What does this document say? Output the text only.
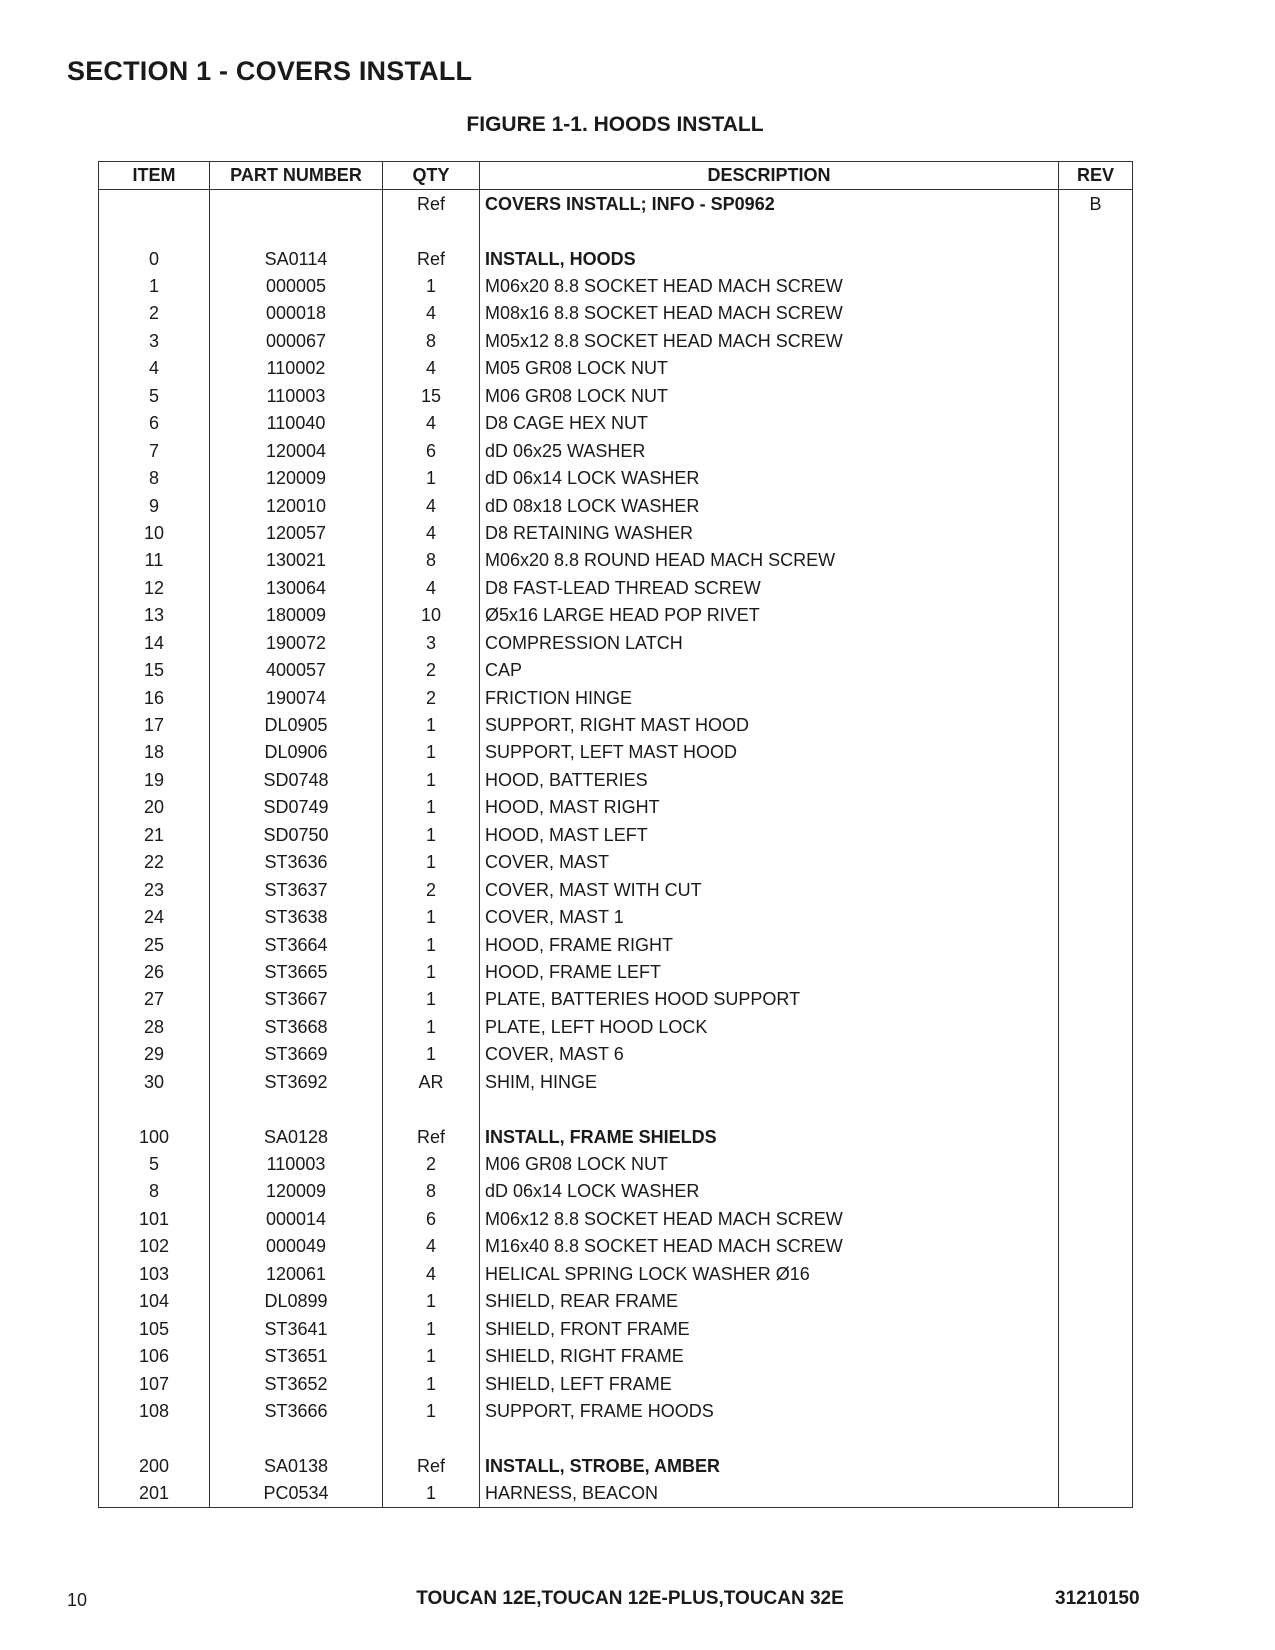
SECTION 1 - COVERS INSTALL
FIGURE 1-1. HOODS INSTALL
ITEM	PART NUMBER	QTY	DESCRIPTION	REV
		Ref	COVERS INSTALL; INFO - SP0962	B

0	SA0114	Ref	INSTALL, HOODS	
1	000005	1	M06x20 8.8 SOCKET HEAD MACH SCREW	
2	000018	4	M08x16 8.8 SOCKET HEAD MACH SCREW	
3	000067	8	M05x12 8.8 SOCKET HEAD MACH SCREW	
4	110002	4	M05 GR08 LOCK NUT	
5	110003	15	M06 GR08 LOCK NUT	
6	110040	4	D8 CAGE HEX NUT	
7	120004	6	dD 06x25 WASHER	
8	120009	1	dD 06x14 LOCK WASHER	
9	120010	4	dD 08x18 LOCK WASHER	
10	120057	4	D8 RETAINING WASHER	
11	130021	8	M06x20 8.8 ROUND HEAD MACH SCREW	
12	130064	4	D8 FAST-LEAD THREAD SCREW	
13	180009	10	Ø5x16 LARGE HEAD POP RIVET	
14	190072	3	COMPRESSION LATCH	
15	400057	2	CAP	
16	190074	2	FRICTION HINGE	
17	DL0905	1	SUPPORT, RIGHT MAST HOOD	
18	DL0906	1	SUPPORT, LEFT MAST HOOD	
19	SD0748	1	HOOD, BATTERIES	
20	SD0749	1	HOOD, MAST RIGHT	
21	SD0750	1	HOOD, MAST LEFT	
22	ST3636	1	COVER, MAST	
23	ST3637	2	COVER, MAST WITH CUT	
24	ST3638	1	COVER, MAST 1	
25	ST3664	1	HOOD, FRAME RIGHT	
26	ST3665	1	HOOD, FRAME LEFT	
27	ST3667	1	PLATE, BATTERIES HOOD SUPPORT	
28	ST3668	1	PLATE, LEFT HOOD LOCK	
29	ST3669	1	COVER, MAST 6	
30	ST3692	AR	SHIM, HINGE	

100	SA0128	Ref	INSTALL, FRAME SHIELDS	
5	110003	2	M06 GR08 LOCK NUT	
8	120009	8	dD 06x14 LOCK WASHER	
101	000014	6	M06x12 8.8 SOCKET HEAD MACH SCREW	
102	000049	4	M16x40 8.8 SOCKET HEAD MACH SCREW	
103	120061	4	HELICAL SPRING LOCK WASHER Ø16	
104	DL0899	1	SHIELD, REAR FRAME	
105	ST3641	1	SHIELD, FRONT FRAME	
106	ST3651	1	SHIELD, RIGHT FRAME	
107	ST3652	1	SHIELD, LEFT FRAME	
108	ST3666	1	SUPPORT, FRAME HOODS	

200	SA0138	Ref	INSTALL, STROBE, AMBER	
201	PC0534	1	HARNESS, BEACON	
10	TOUCAN 12E,TOUCAN 12E-PLUS,TOUCAN 32E	31210150
